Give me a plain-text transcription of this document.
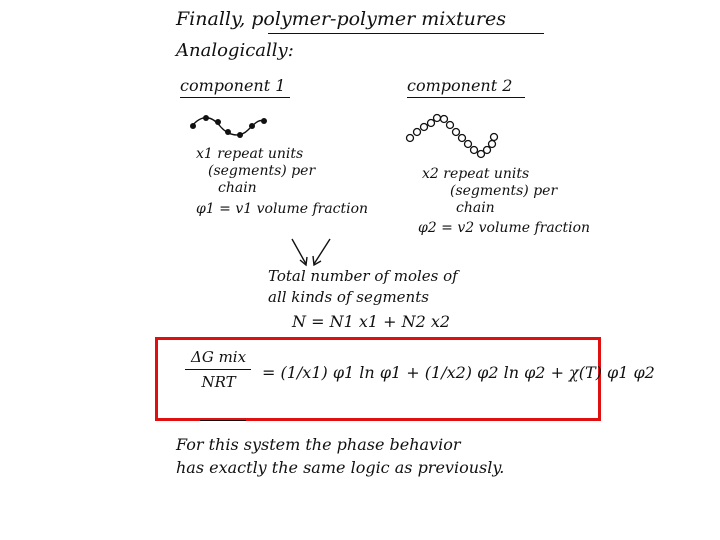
Finally, polymer-polymer mixtures
Analogically:
component 1	component 2
x1 repeat units
(segments) per
chain
φ1 = v1 volume fraction
x2 repeat units
(segments) per
chain
φ2 = v2 volume fraction
Total number of moles of
all kinds of segments
N = N1 x1 + N2 x2
ΔG mix
NRT	= (1/x1) φ1 ln φ1 + (1/x2) φ2 ln φ2 + χ(T) φ1 φ2
For this system the phase behavior
has exactly the same logic as previously.
